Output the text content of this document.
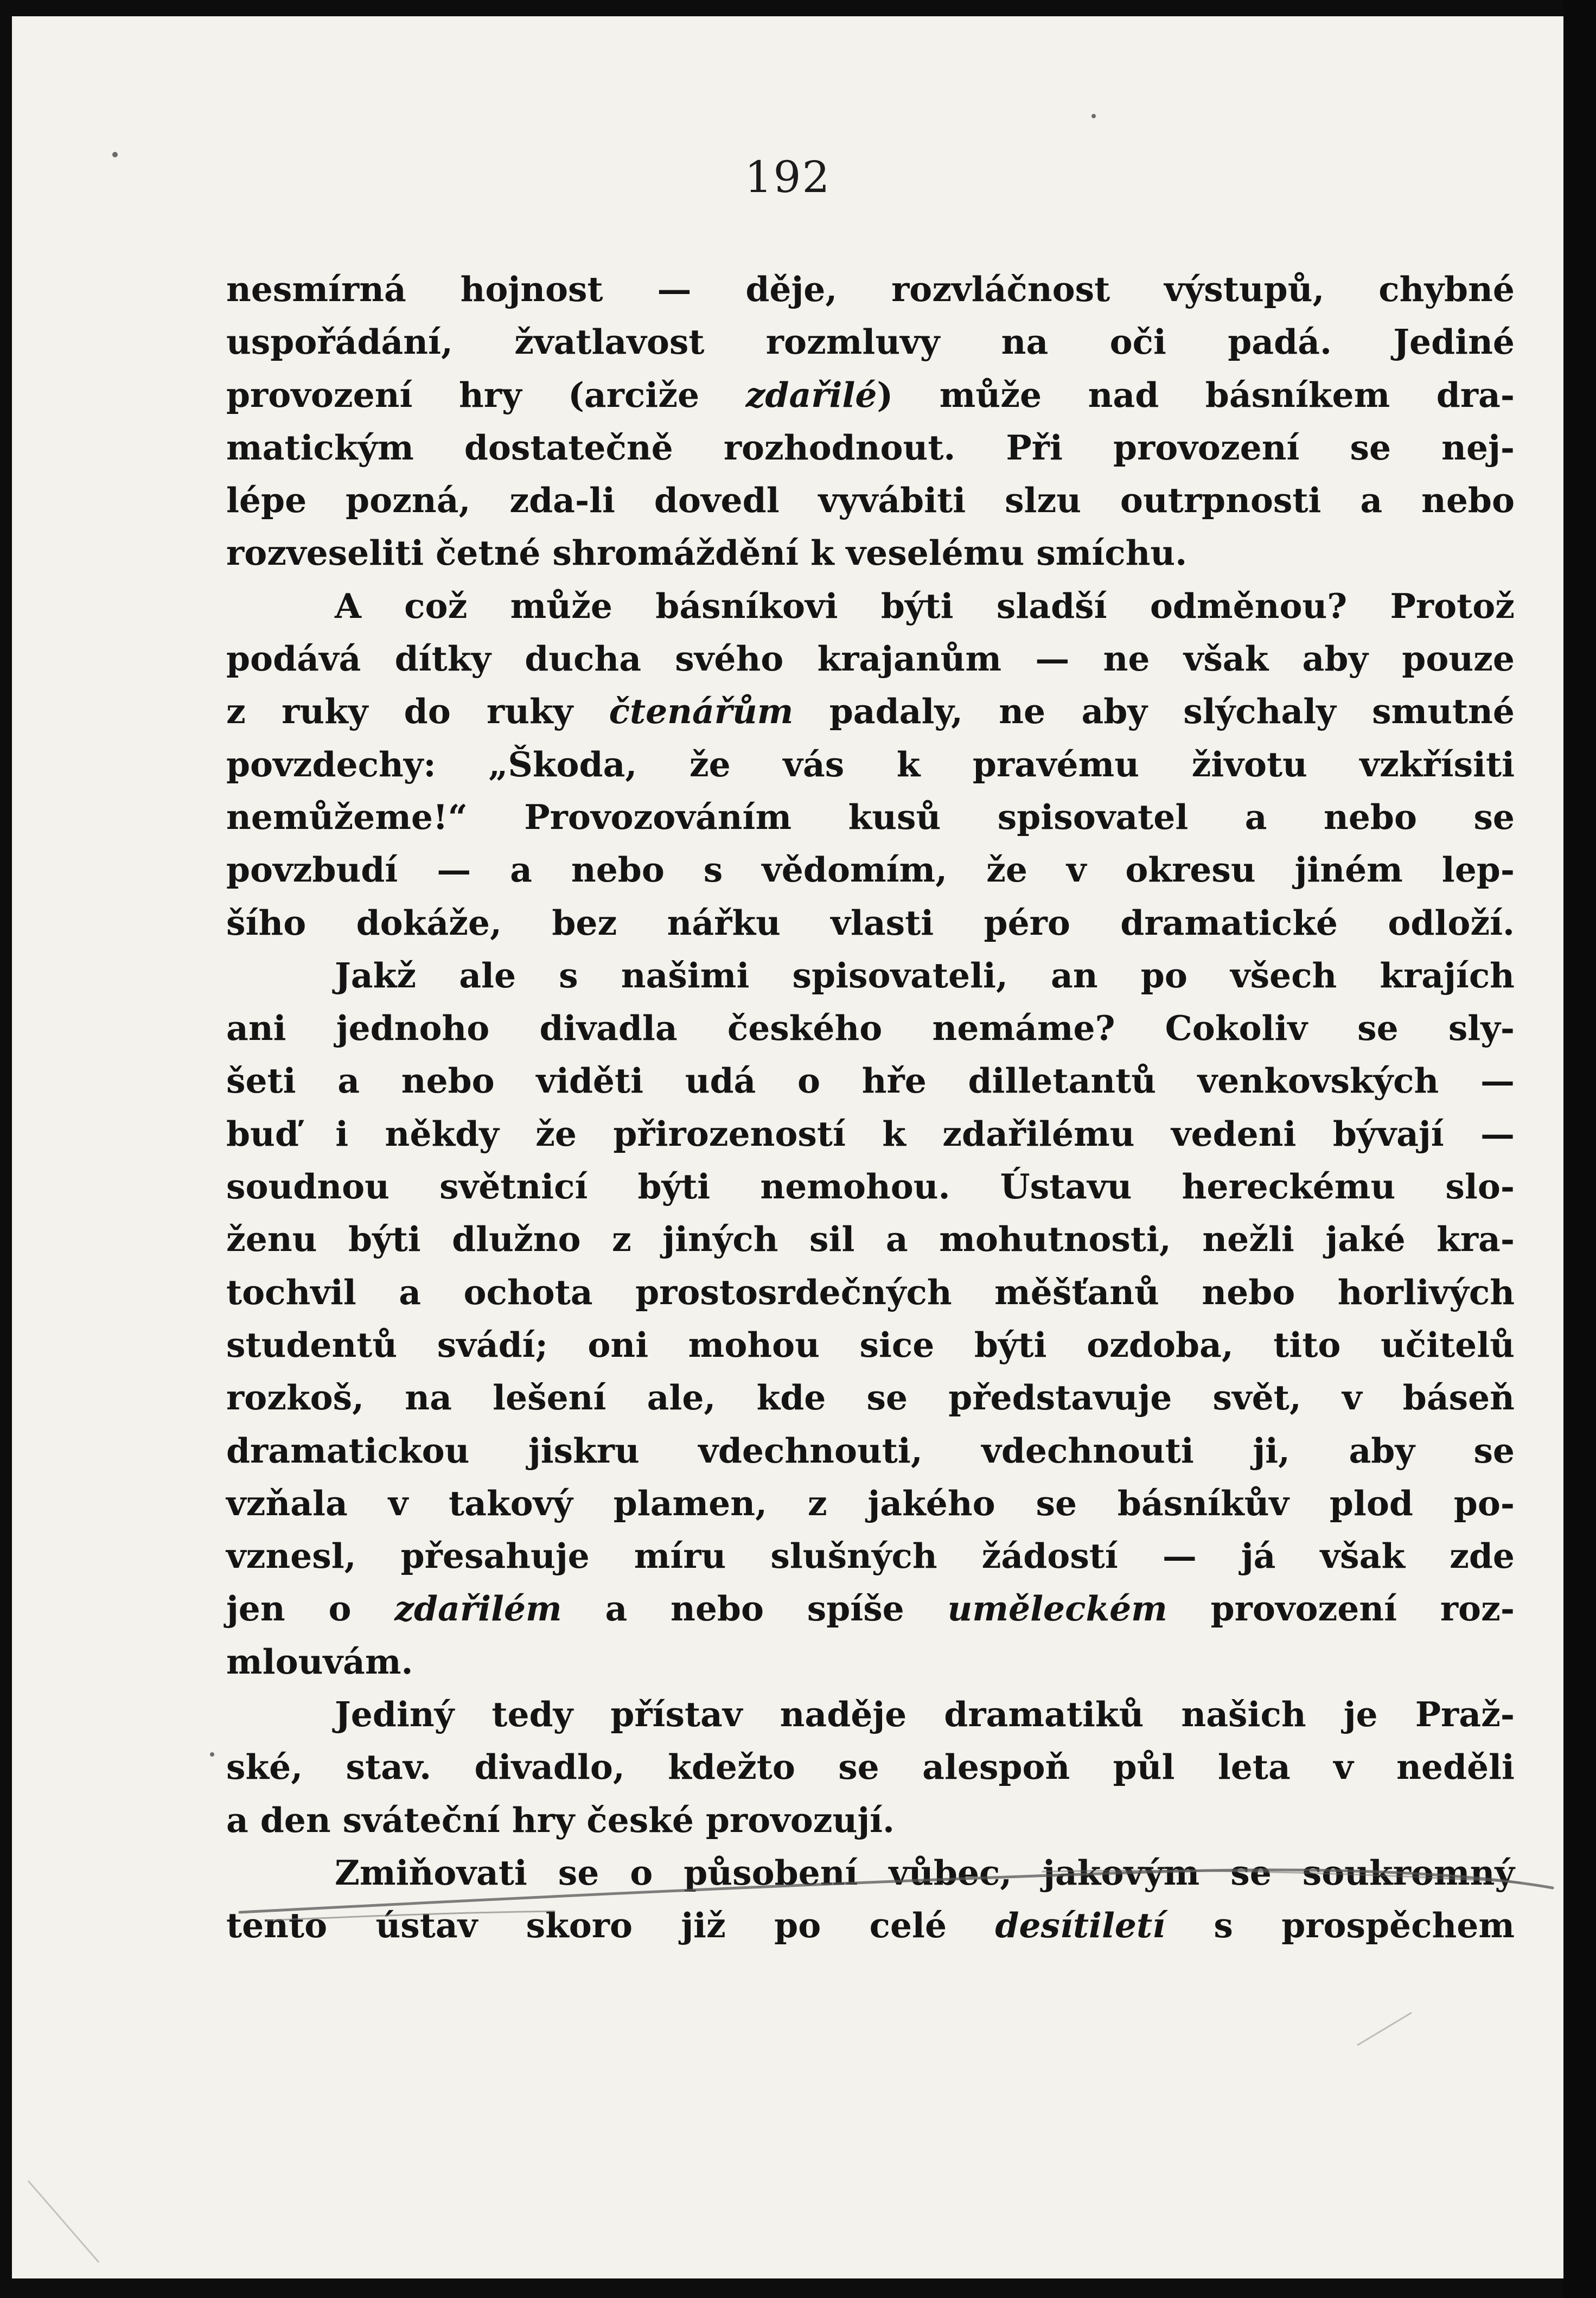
192
nesmírná hojnost — děje, rozvláčnost výstupů, chybné
uspořádání, žvatlavost rozmluvy na oči padá. Jediné
provození hry (arciže zdařilé) může nad básníkem dra-
matickým dostatečně rozhodnout. Při provození se nej-
lépe pozná, zda-li dovedl vyvábiti slzu outrpnosti a nebo
rozveseliti četné shromáždění k veselému smíchu.
A což může básníkovi býti sladší odměnou? Protož
podává dítky ducha svého krajanům — ne však aby pouze
z ruky do ruky čtenářům padaly, ne aby slýchaly smutné
povzdechy: „Škoda, že vás k pravému životu vzkřísiti
nemůžeme!“ Provozováním kusů spisovatel a nebo se
povzbudí — a nebo s vědomím, že v okresu jiném lep-
šího dokáže, bez nářku vlasti péro dramatické odloží.
Jakž ale s našimi spisovateli, an po všech krajích
ani jednoho divadla českého nemáme? Cokoliv se sly-
šeti a nebo viděti udá o hře dilletantů venkovských —
buď i někdy že přirozeností k zdařilému vedeni bývají —
soudnou světnicí býti nemohou. Ústavu hereckému slo-
ženu býti dlužno z jiných sil a mohutnosti, nežli jaké kra-
tochvil a ochota prostosrdečných měšťanů nebo horlivých
studentů svádí; oni mohou sice býti ozdoba, tito učitelů
rozkoš, na lešení ale, kde se představuje svět, v báseň
dramatickou jiskru vdechnouti, vdechnouti ji, aby se
vzňala v takový plamen, z jakého se básníkův plod po-
vznesl, přesahuje míru slušných žádostí — já však zde
jen o zdařilém a nebo spíše uměleckém provození roz-
mlouvám.
Jediný tedy přístav naděje dramatiků našich je Praž-
ské, stav. divadlo, kdežto se alespoň půl leta v neděli
a den sváteční hry české provozují.
Zmiňovati se o působení vůbec, jakovým se soukromný
tento ústav skoro již po celé desítiletí s prospěchem
